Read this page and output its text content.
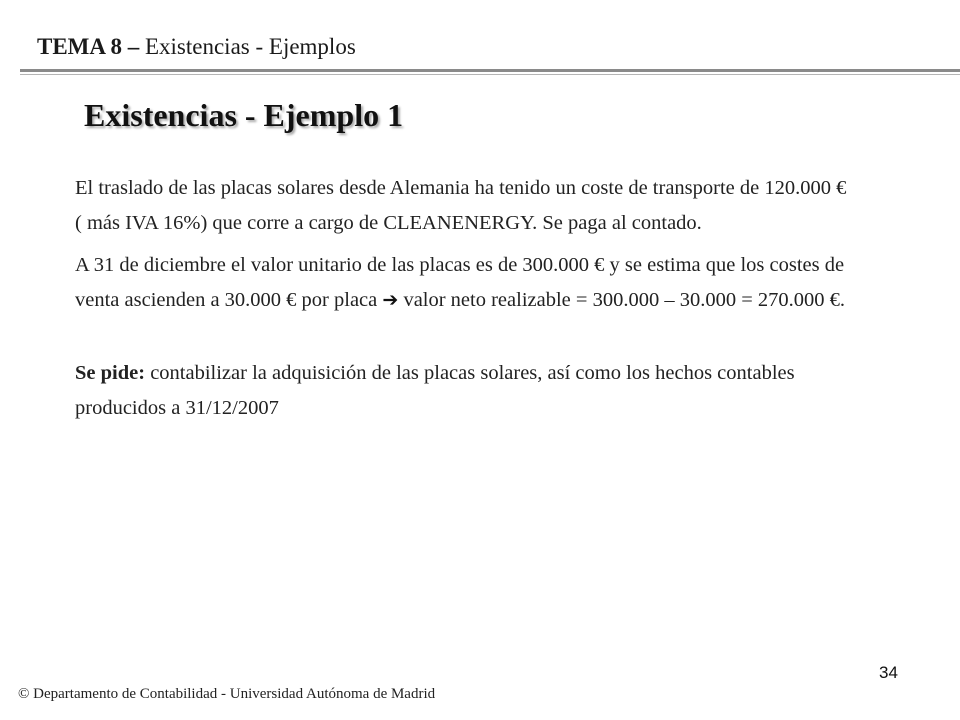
TEMA 8 – Existencias - Ejemplos
Existencias - Ejemplo 1

El traslado de las placas solares desde Alemania ha tenido un coste de transporte de 120.000 € ( más IVA 16%) que corre a cargo de CLEANENERGY. Se paga al contado.

A 31 de diciembre el valor unitario de las placas es de 300.000 € y se estima que los costes de venta ascienden a 30.000 € por placa ➔ valor neto realizable = 300.000 – 30.000 = 270.000 €.

Se pide: contabilizar la adquisición de las placas solares, así como los hechos contables producidos a 31/12/2007

34
© Departamento de Contabilidad - Universidad Autónoma de Madrid
